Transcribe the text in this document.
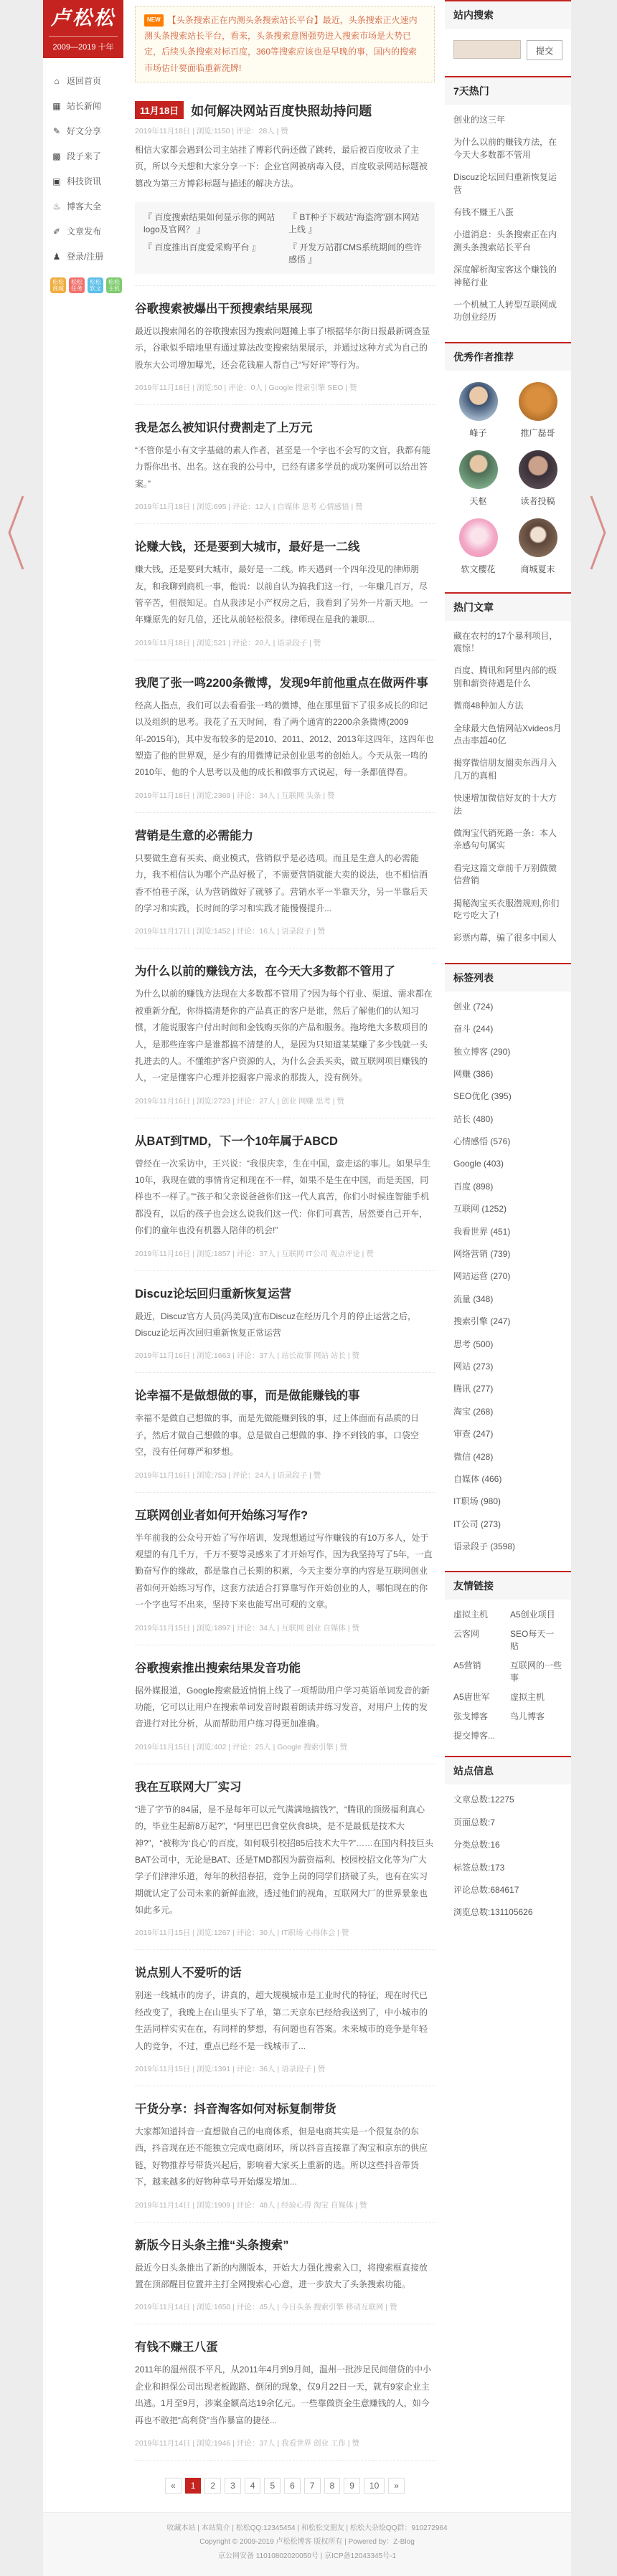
卢松松
2009—2019 十年
⌂ 返回首页
▦ 站长新闻
✎ 好文分享
▩ 段子来了
▣ 科技资讯
♨ 博客大全
✐ 文章发布
♟ 登录/注册
松松商城
松松任务
松松软文
松松主机
NEW 【头条搜索正在内测头条搜索站长平台】最近，头条搜索正火速内测头条搜索站长平台，看来，头条搜索意图强势进入搜索市场是大势已定，后续头条搜索对标百度，360等搜索应该也是早晚的事，国内的搜索市场估计要面临重新洗牌!
11月18日 如何解决网站百度快照劫持问题
2019年11月18日 | 浏览:1150 | 评论：28人 | 赞

相信大家都会遇到公司主站挂了博彩代码还做了跳转，最后被百度收录了主页，所以今天想和大家分享一下：企业官网被病毒入侵，百度收录网站标题被篡改为第三方博彩标题与描述的解决方法。

『 百度搜索结果如何显示你的网站logo及官网？ 』
『 BT种子下载站“海盗湾”副本网站上线 』
『 百度推出百度爱采购平台 』	『 开发万站群CMS系统期间的些许感悟 』
谷歌搜索被爆出干预搜索结果展现

最近以搜索闻名的谷歌搜索因为搜索问题摊上事了!根据华尔街日报最新调查显示，谷歌似乎暗地里有通过算法改变搜索结果展示，并通过这种方式为自己的股东大公司增加曝光，还会花钱雇人帮自己“写好评”等行为。

2019年11月18日 | 浏览:50 | 评论：0人 | Google 搜索引擎 SEO | 赞
我是怎么被知识付费割走了上万元

“不管你是小有文字基础的素人作者，甚至是一个字也不会写的文盲，我都有能力帮你出书、出名。这在我的公号中，已经有诸多学员的成功案例可以给出答案。”

2019年11月18日 | 浏览:695 | 评论：12人 | 自媒体 思考 心情感悟 | 赞
论赚大钱，还是要到大城市，最好是一二线

赚大钱，还是要到大城市，最好是一二线。昨天遇到一个四年没见的律师朋友，和我聊到商机一事，他说：以前自认为搞我们这一行，一年赚几百万，尽管辛苦，但很知足。自从我涉足小产权房之后，我看到了另外一片新天地。一年赚原先的好几倍，还比从前轻松很多。律师现在是我的兼职...

2019年11月18日 | 浏览:521 | 评论：20人 | 语录段子 | 赞
我爬了张一鸣2200条微博，发现9年前他重点在做两件事

经高人指点，我们可以去看看张一鸣的微博，他在那里留下了很多成长的印记以及组织的思考。我花了五天时间，看了两个通宵的2200余条微博(2009年-2015年)，其中发布较多的是2010、2011、2012、2013年这四年，这四年也塑造了他的世界观，是少有的用微博记录创业思考的创始人。今天从张一鸣的2010年、他的个人思考以及他的成长和做事方式说起，每一条都值得看。

2019年11月18日 | 浏览:2369 | 评论：34人 | 互联网 头条 | 赞
营销是生意的必需能力

只要做生意有买卖、商业模式，营销似乎是必选项。而且是生意人的必需能力，我不相信认为哪个产品好极了，不需要营销就能大卖的说法，也不相信酒香不怕巷子深，认为营销做好了就够了。营销水平一半靠天分，另一半靠后天的学习和实践，长时间的学习和实践才能慢慢提升...

2019年11月17日 | 浏览:1452 | 评论：16人 | 语录段子 | 赞
为什么以前的赚钱方法，在今天大多数都不管用了

为什么以前的赚钱方法现在大多数都不管用了?因为每个行业、渠道、需求都在被重新分配，你得搞清楚你的产品真正的客户是谁，然后了解他们的认知习惯，才能说服客户付出时间和金钱购买你的产品和服务。拖垮绝大多数项目的人，是那些连客户是谁都搞不清楚的人，是因为只知道某某赚了多少钱就一头扎进去的人。不懂维护客户资源的人，为什么会丢买卖，做互联网项目赚钱的人，一定是懂客户心理并挖掘客户需求的那拨人，没有例外。

2019年11月16日 | 浏览:2723 | 评论：27人 | 创业 网赚 思考 | 赞
从BAT到TMD，下一个10年属于ABCD

曾经在一次采访中，王兴说：“我很庆幸，生在中国，蛮走运的事儿。如果早生10年，我现在做的事情肯定和现在不一样，如果不是生在中国，而是美国，同样也不一样了。”“孩子和父亲说爸爸你们这一代人真苦，你们小时候连智能手机都没有，以后的孩子也会这么说我们这一代：你们可真苦，居然要自己开车，你们的童年也没有机器人陪伴的机会!”

2019年11月16日 | 浏览:1857 | 评论：37人 | 互联网 IT公司 观点评论 | 赞
Discuz论坛回归重新恢复运营

最近，Discuz官方人员(冯美凤)宣布Discuz在经历几个月的停止运营之后，Discuz论坛再次回归重新恢复正常运营

2019年11月16日 | 浏览:1663 | 评论：37人 | 站长故事 网站 站长 | 赞
论幸福不是做想做的事，而是做能赚钱的事

幸福不是做自己想做的事，而是先做能赚到钱的事，过上体面而有品质的日子，然后才做自己想做的事。总是做自己想做的事、挣不到钱的事，口袋空空，没有任何尊严和梦想。

2019年11月16日 | 浏览:753 | 评论：24人 | 语录段子 | 赞
互联网创业者如何开始练习写作?

半年前我的公众号开始了写作培训，发现想通过写作赚钱的有10万多人，处于观望的有几千万，千万不要等灵感来了才开始写作，因为我坚持写了5年，一直勤奋写作的缘故，都是靠自己长期的积累，今天主要分享的内容是互联网创业者如何开始练习写作，这套方法适合打算靠写作开始创业的人，哪怕现在的你一个字也写不出来，坚持下来也能写出可观的文章。

2019年11月15日 | 浏览:1897 | 评论：34人 | 互联网 创业 自媒体 | 赞
谷歌搜索推出搜索结果发音功能

据外媒报道，Google搜索最近悄悄上线了一项帮助用户学习英语单词发音的新功能，它可以让用户在搜索单词发音时跟着朗读并练习发音，对用户上传的发音进行对比分析，从而帮助用户练习得更加准确。

2019年11月15日 | 浏览:402 | 评论：25人 | Google 搜索引擎 | 赞
我在互联网大厂实习

“进了字节的84届，是不是每年可以元气满满地搞钱?”，“腾讯的顶级福利真心的，毕业生起薪8万起?”，“阿里巴巴食堂伙食8块，是不是最低是技术大神?”，“被称为‘良心’的百度，如何吸引校招85后技术大牛?”……在国内科技巨头BAT公司中，无论是BAT、还是TMD都因为薪资福利、校园校招文化等为广大学子们津津乐道，每年的秋招春招，竞争上岗的同学们挤破了头，也有在实习期就认定了公司未来的新鲜血液，透过他们的视角，互联网大厂的世界景象也如此多元。

2019年11月15日 | 浏览:1267 | 评论：30人 | IT职场 心得体会 | 赞
说点别人不爱听的话

别迷一线城市的房子，讲真的，超大规模城市是工业时代的特征，现在时代已经改变了，我晚上在山里头下了单，第二天京东已经给我送到了，中小城市的生活同样实实在在，有同样的梦想，有问题也有答案。未来城市的竞争是年轻人的竞争，不过，重点已经不是一线城市了...

2019年11月15日 | 浏览:1391 | 评论：36人 | 语录段子 | 赞
干货分享：抖音淘客如何对标复制带货

大家都知道抖音一直想做自己的电商体系，但是电商其实是一个很复杂的东西，抖音现在还不能独立完成电商闭环，所以抖音直接靠了淘宝和京东的供应链，好物推荐号带货兴起后，影响着大家买上重新的选。所以这些抖音带货下，越来越多的好物种草号开始爆发增加...

2019年11月14日 | 浏览:1909 | 评论：48人 | 经验心得 淘宝 自媒体 | 赞
新版今日头条主推“头条搜索”

最近今日头条推出了新的内测版本，开始大力强化搜索入口，将搜索框直接放置在顶部醒目位置并主打全网搜索心心意，进一步放大了头条搜索功能。

2019年11月14日 | 浏览:1650 | 评论：45人 | 今日头条 搜索引擎 移动互联网 | 赞
有钱不赚王八蛋

2011年的温州很不平凡，从2011年4月到9月间，温州一批涉足民间借贷的中小企业和担保公司出现老板跑路、倒闭的现象，仅9月22日一天，就有9家企业主出逃。1月至9月，涉案金额高达19余亿元。一些靠做资金生意赚钱的人，如今再也不敢把“高利贷”当作暴富的捷径...

2019年11月14日 | 浏览:1946 | 评论：37人 | 我看世界 创业 工作 | 赞
«	1	2	3	4	5	6	7	8	9	10	»
站内搜索
提交
7天热门
创业的这三年
为什么以前的赚钱方法，在今天大多数都不管用
Discuz论坛回归重新恢复运营
有钱不赚王八蛋
小道消息：头条搜索正在内测头条搜索站长平台
深度解析淘宝客这个赚钱的神秘行业
一个机械工人转型互联网成功创业经历
优秀作者推荐
峰子	推广磊哥
天枢	读者投稿
软文樱花	商城夏末
热门文章
藏在农村的17个暴利项目，震惊！
百度、腾讯和阿里内部的级别和薪资待遇是什么
微商48种加人方法
全球最大色情网站Xvideos月点击率超40亿
揭穿微信朋友圈卖东西月入几万的真相
快速增加微信好友的十大方法
做淘宝代销死路一条：本人亲感句句属实
看完这篇文章前千万别做微信营销
揭秘淘宝买衣服潜规则,你们吃亏吃大了!
彩票内幕，骗了很多中国人
标签列表
创业 (724)
奋斗 (244)
独立博客 (290)
网赚 (386)
SEO优化 (395)
站长 (480)
心情感悟 (576)
Google (403)
百度 (898)
互联网 (1252)
我看世界 (451)
网络营销 (739)
网站运营 (270)
流量 (348)
搜索引擎 (247)
思考 (500)
网站 (273)
腾讯 (277)
淘宝 (268)
审查 (247)
微信 (428)
自媒体 (466)
IT职场 (980)
IT公司 (273)
语录段子 (3598)
友情链接
虚拟主机	A5创业项目
云客网	SEO每天一贴
A5营销	互联网的一些事
A5唐世军	虚拟主机
张戈博客	鸟儿博客
提交博客...
站点信息
文章总数:12275
页面总数:7
分类总数:16
标签总数:173
评论总数:684617
浏览总数:131105626
收藏本站 | 本站简介 | 松松QQ:12345454 | 和松松交朋友 | 松松大杂烩QQ群：910272964
Copyright © 2009-2019 卢松松博客 版权所有 | Powered by：Z-Blog
京公网安备 11010802020050号 | 京ICP备12043345号-1
